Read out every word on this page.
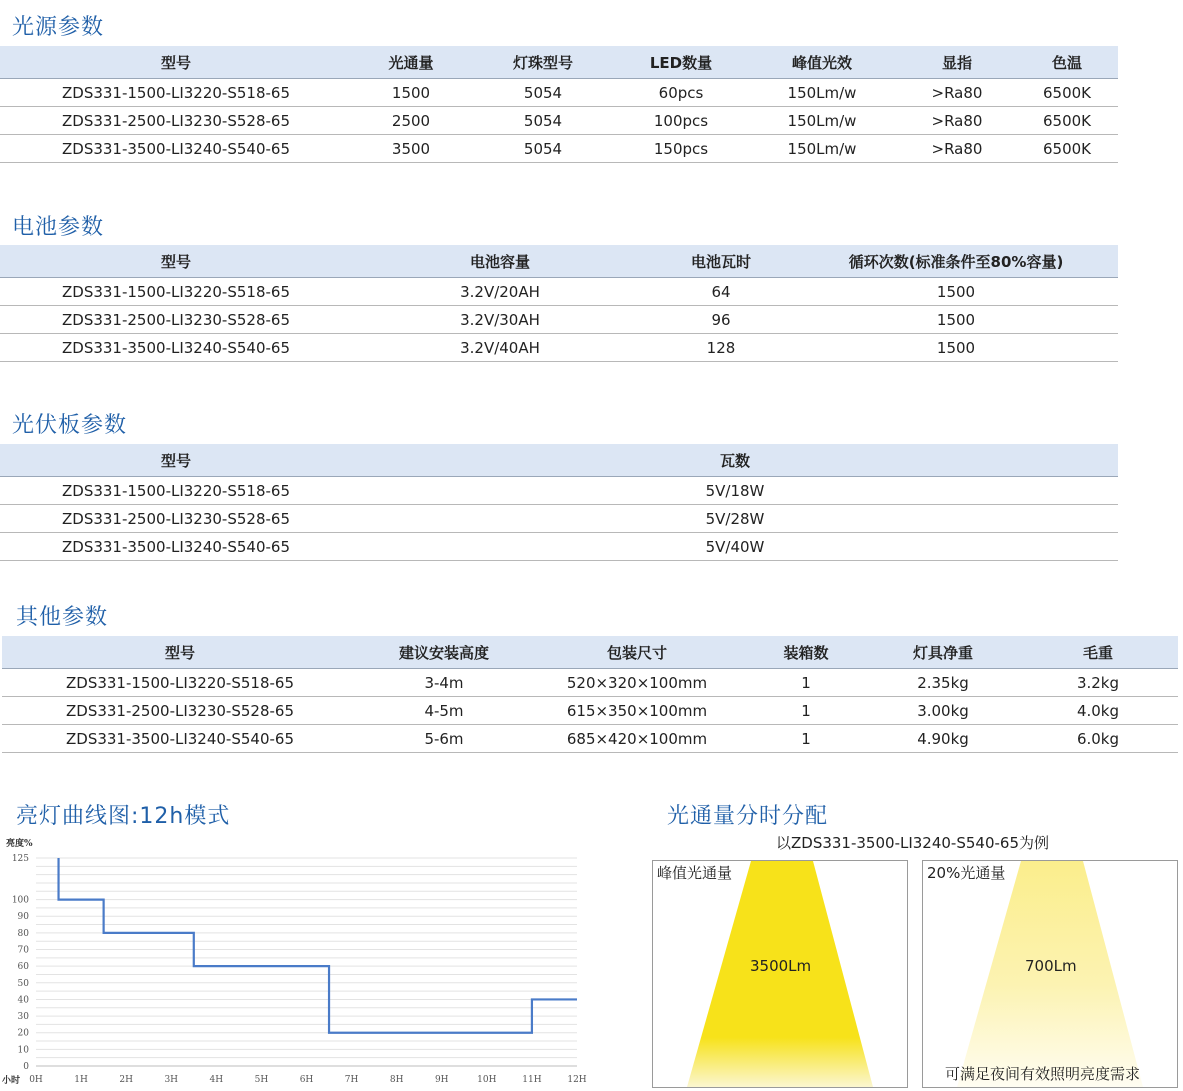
光源参数
型号	光通量	灯珠型号	LED数量	峰值光效	显指	色温
ZDS331-1500-LI3220-S518-65	1500	5054	60pcs	150Lm/w	>Ra80	6500K
ZDS331-2500-LI3230-S528-65	2500	5054	100pcs	150Lm/w	>Ra80	6500K
ZDS331-3500-LI3240-S540-65	3500	5054	150pcs	150Lm/w	>Ra80	6500K
电池参数
型号	电池容量	电池瓦时	循环次数(标准条件至80%容量)
ZDS331-1500-LI3220-S518-65	3.2V/20AH	64	1500
ZDS331-2500-LI3230-S528-65	3.2V/30AH	96	1500
ZDS331-3500-LI3240-S540-65	3.2V/40AH	128	1500
光伏板参数
型号	瓦数
ZDS331-1500-LI3220-S518-65	5V/18W
ZDS331-2500-LI3230-S528-65	5V/28W
ZDS331-3500-LI3240-S540-65	5V/40W
其他参数
型号	建议安装高度	包装尺寸	装箱数	灯具净重	毛重
ZDS331-1500-LI3220-S518-65	3-4m	520×320×100mm	1	2.35kg	3.2kg
ZDS331-2500-LI3230-S528-65	4-5m	615×350×100mm	1	3.00kg	4.0kg
ZDS331-3500-LI3240-S540-65	5-6m	685×420×100mm	1	4.90kg	6.0kg
亮灯曲线图:12h模式
0
10
20
30
40
50
60
70
80
90
100
125
0H	1H	2H	3H	4H	5H	6H	7H	8H	9H	10H	11H	12H
亮度%
小时
光通量分时分配
以ZDS331-3500-LI3240-S540-65为例
峰值光通量
3500Lm
20%光通量
700Lm
可满足夜间有效照明亮度需求
